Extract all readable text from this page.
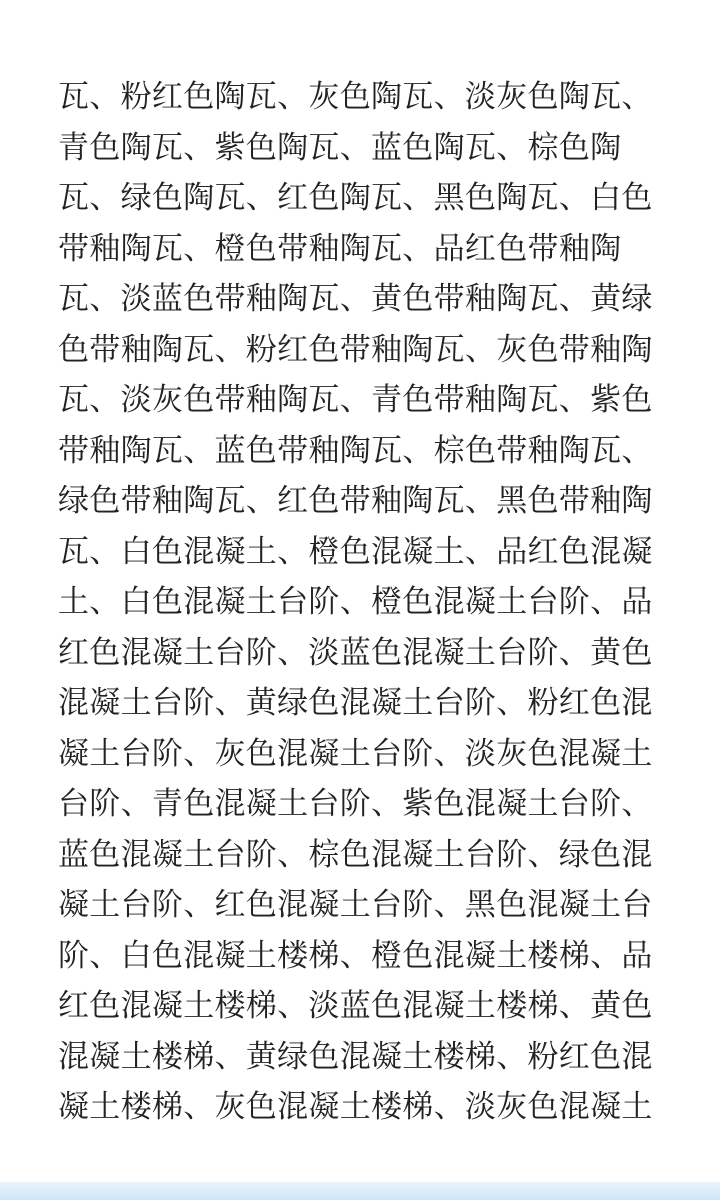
瓦、粉红色陶瓦、灰色陶瓦、淡灰色陶瓦、
青色陶瓦、紫色陶瓦、蓝色陶瓦、棕色陶
瓦、绿色陶瓦、红色陶瓦、黑色陶瓦、白色
带釉陶瓦、橙色带釉陶瓦、品红色带釉陶
瓦、淡蓝色带釉陶瓦、黄色带釉陶瓦、黄绿
色带釉陶瓦、粉红色带釉陶瓦、灰色带釉陶
瓦、淡灰色带釉陶瓦、青色带釉陶瓦、紫色
带釉陶瓦、蓝色带釉陶瓦、棕色带釉陶瓦、
绿色带釉陶瓦、红色带釉陶瓦、黑色带釉陶
瓦、白色混凝土、橙色混凝土、品红色混凝
土、白色混凝土台阶、橙色混凝土台阶、品
红色混凝土台阶、淡蓝色混凝土台阶、黄色
混凝土台阶、黄绿色混凝土台阶、粉红色混
凝土台阶、灰色混凝土台阶、淡灰色混凝土
台阶、青色混凝土台阶、紫色混凝土台阶、
蓝色混凝土台阶、棕色混凝土台阶、绿色混
凝土台阶、红色混凝土台阶、黑色混凝土台
阶、白色混凝土楼梯、橙色混凝土楼梯、品
红色混凝土楼梯、淡蓝色混凝土楼梯、黄色
混凝土楼梯、黄绿色混凝土楼梯、粉红色混
凝土楼梯、灰色混凝土楼梯、淡灰色混凝土
